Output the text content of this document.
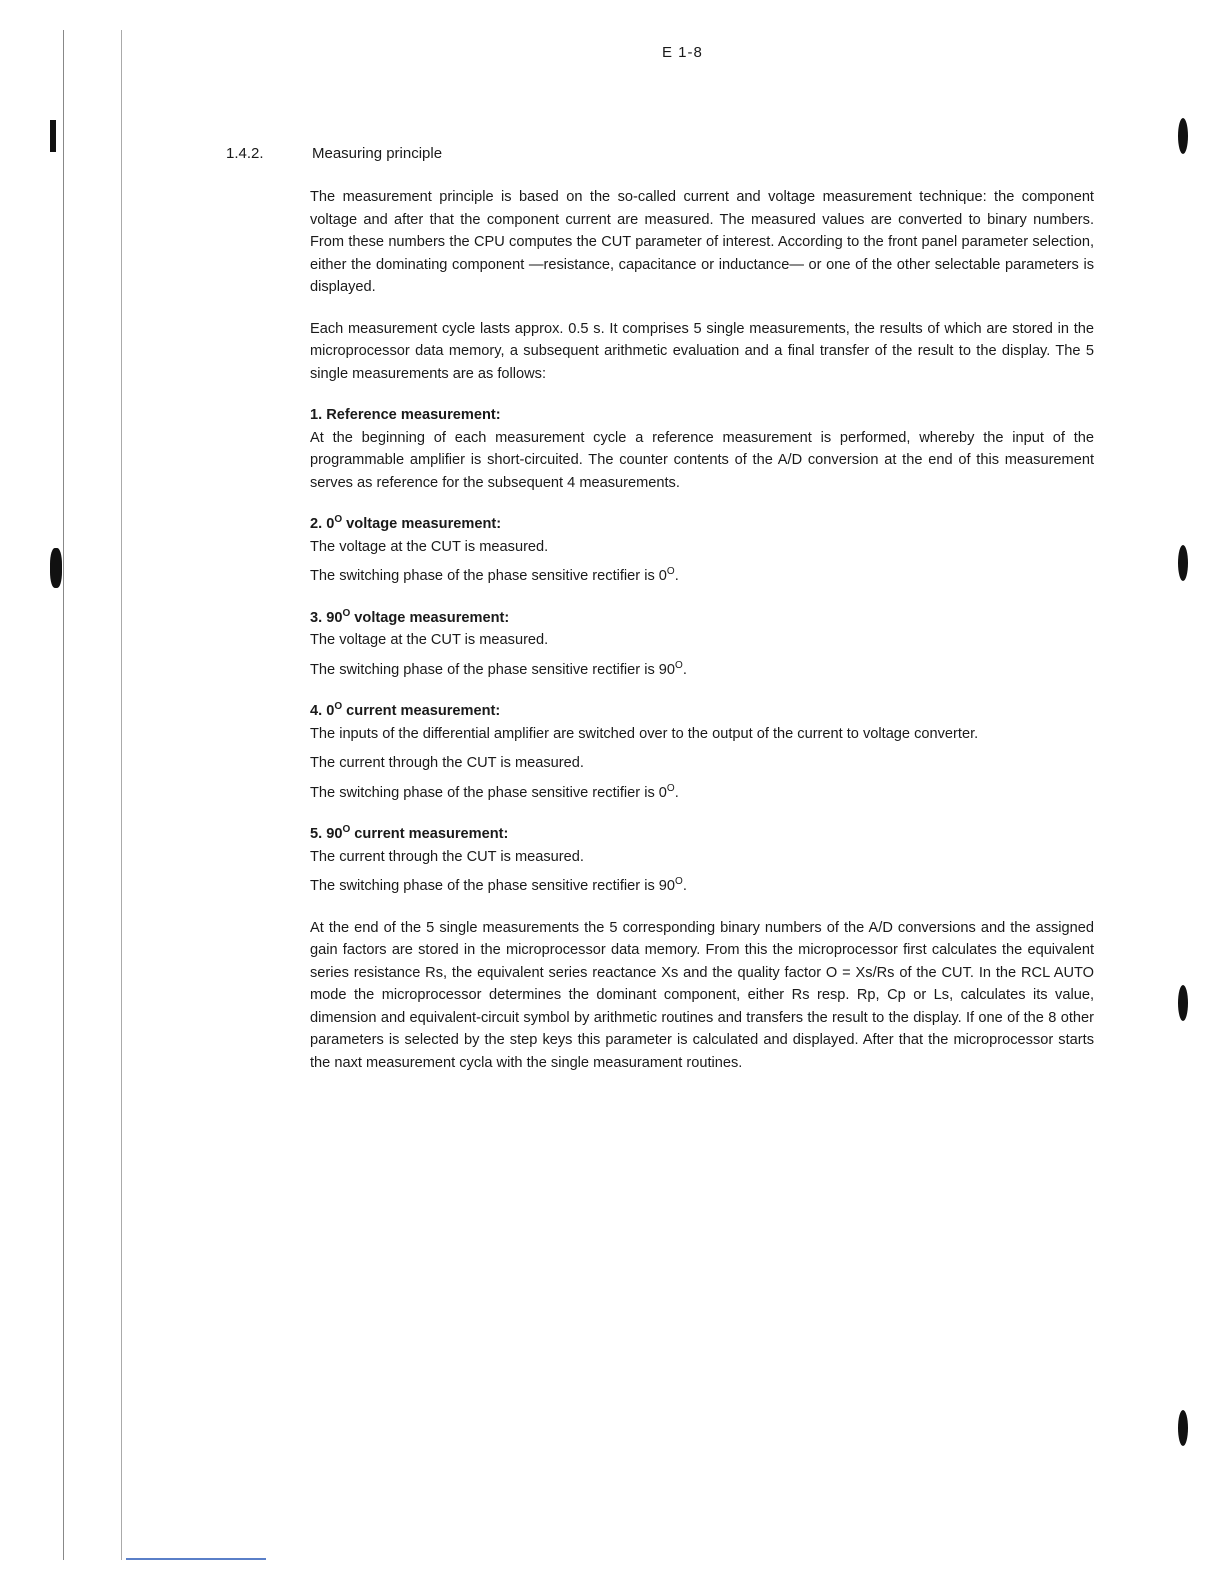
E 1-8
1.4.2.	Measuring principle

The measurement principle is based on the so-called current and voltage measurement technique: the component voltage and after that the component current are measured. The measured values are converted to binary numbers. From these numbers the CPU computes the CUT parameter of interest. According to the front panel parameter selection, either the dominating component —resistance, capacitance or inductance— or one of the other selectable parameters is displayed.

Each measurement cycle lasts approx. 0.5 s. It comprises 5 single measurements, the results of which are stored in the microprocessor data memory, a subsequent arithmetic evaluation and a final transfer of the result to the display. The 5 single measurements are as follows:

1. Reference measurement:

At the beginning of each measurement cycle a reference measurement is performed, whereby the input of the programmable amplifier is short-circuited. The counter contents of the A/D conversion at the end of this measurement serves as reference for the subsequent 4 measurements.

2. $0^O$ voltage measurement:

The voltage at the CUT is measured.

The switching phase of the phase sensitive rectifier is $0^O$.

3. $90^O$ voltage measurement:

The voltage at the CUT is measured.

The switching phase of the phase sensitive rectifier is $90^O$.

4. $0^O$ current measurement:

The inputs of the differential amplifier are switched over to the output of the current to voltage converter.

The current through the CUT is measured.

The switching phase of the phase sensitive rectifier is $0^O$.

5. $90^O$ current measurement:

The current through the CUT is measured.

The switching phase of the phase sensitive rectifier is $90^O$.

At the end of the 5 single measurements the 5 corresponding binary numbers of the A/D conversions and the assigned gain factors are stored in the microprocessor data memory. From this the microprocessor first calculates the equivalent series resistance Rs, the equivalent series reactance Xs and the quality factor O = Xs/Rs of the CUT. In the RCL AUTO mode the microprocessor determines the dominant component, either Rs resp. Rp, Cp or Ls, calculates its value, dimension and equivalent-circuit symbol by arithmetic routines and transfers the result to the display. If one of the 8 other parameters is selected by the step keys this parameter is calculated and displayed. After that the microprocessor starts the naxt measurement cycla with the single measurament routines.
